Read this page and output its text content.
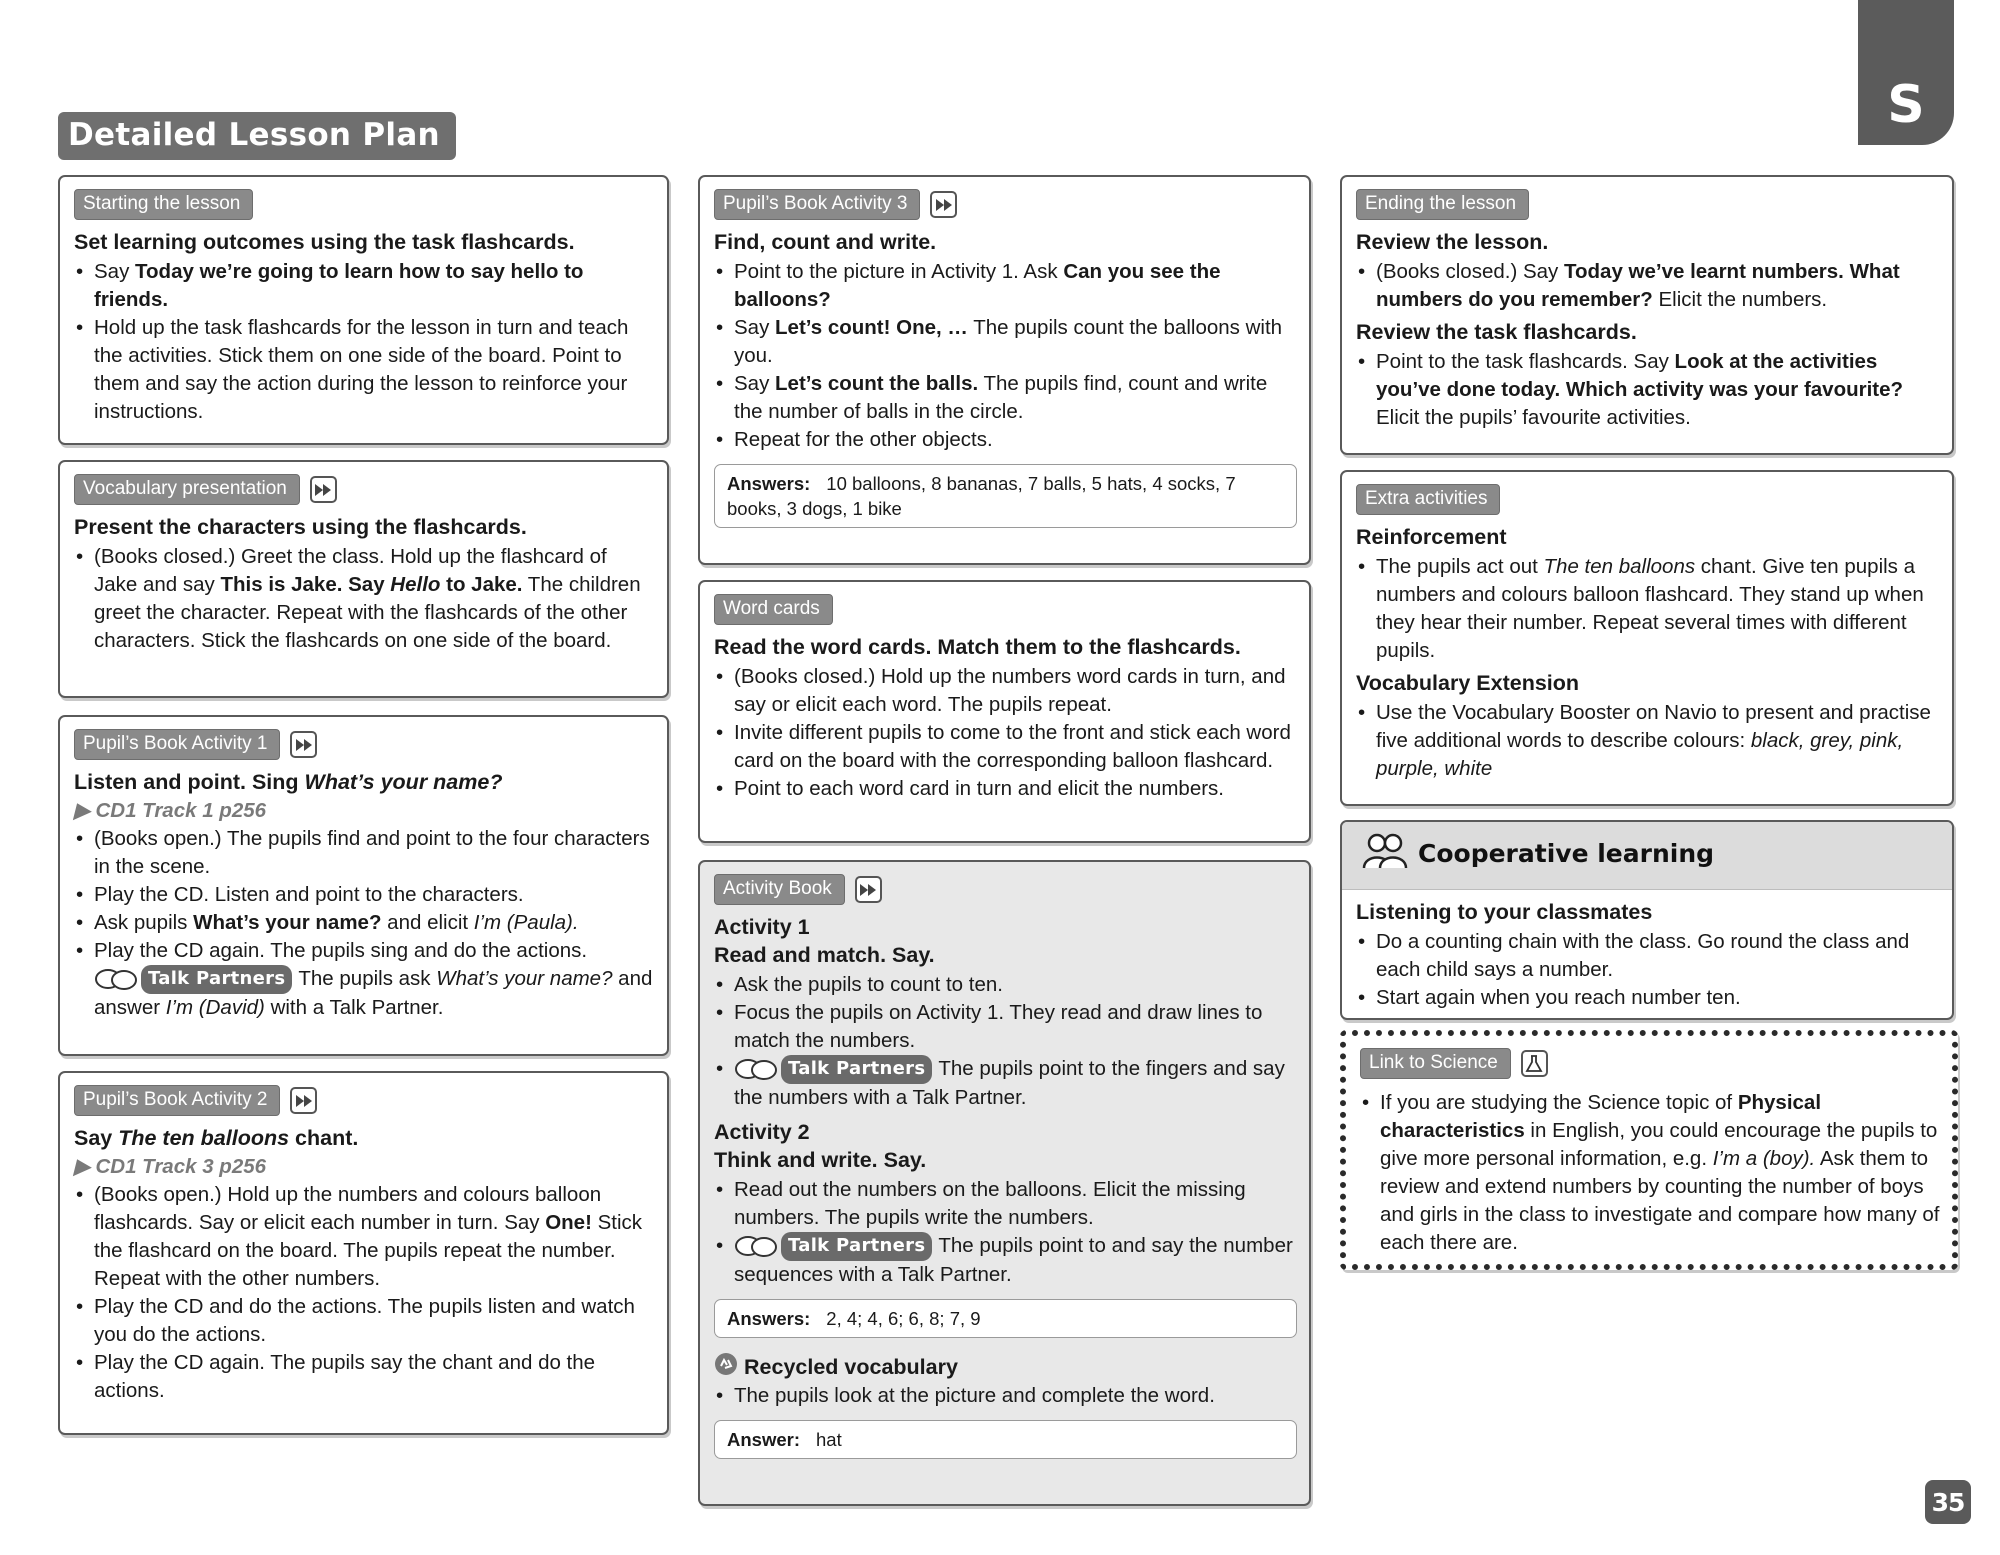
Detailed Lesson Plan	S
Starting the lesson
Set learning outcomes using the task flashcards.
• Say Today we’re going to learn how to say hello to friends.
• Hold up the task flashcards for the lesson in turn and teach the activities. Stick them on one side of the board. Point to them and say the action during the lesson to reinforce your instructions.
Vocabulary presentation
Present the characters using the flashcards.
• (Books closed.) Greet the class. Hold up the flashcard of Jake and say This is Jake. Say Hello to Jake. The children greet the character. Repeat with the flashcards of the other characters. Stick the flashcards on one side of the board.
Pupil’s Book Activity 1
Listen and point. Sing What’s your name?
▶ CD1 Track 1 p256
• (Books open.) The pupils find and point to the four characters in the scene.
• Play the CD. Listen and point to the characters.
• Ask pupils What’s your name? and elicit I’m (Paula).
• Play the CD again. The pupils sing and do the actions.
Talk Partners The pupils ask What’s your name? and answer I’m (David) with a Talk Partner.
Pupil’s Book Activity 2
Say The ten balloons chant.
▶ CD1 Track 3 p256
• (Books open.) Hold up the numbers and colours balloon flashcards. Say or elicit each number in turn. Say One! Stick the flashcard on the board. The pupils repeat the number. Repeat with the other numbers.
• Play the CD and do the actions. The pupils listen and watch you do the actions.
• Play the CD again. The pupils say the chant and do the actions.
Pupil’s Book Activity 3
Find, count and write.
• Point to the picture in Activity 1. Ask Can you see the balloons?
• Say Let’s count! One, … The pupils count the balloons with you.
• Say Let’s count the balls. The pupils find, count and write the number of balls in the circle.
• Repeat for the other objects.
Answers: 10 balloons, 8 bananas, 7 balls, 5 hats, 4 socks, 7 books, 3 dogs, 1 bike
Word cards
Read the word cards. Match them to the flashcards.
• (Books closed.) Hold up the numbers word cards in turn, and say or elicit each word. The pupils repeat.
• Invite different pupils to come to the front and stick each word card on the board with the corresponding balloon flashcard.
• Point to each word card in turn and elicit the numbers.
Activity Book
Activity 1
Read and match. Say.
• Ask the pupils to count to ten.
• Focus the pupils on Activity 1. They read and draw lines to match the numbers.
• Talk Partners The pupils point to the fingers and say the numbers with a Talk Partner.
Activity 2
Think and write. Say.
• Read out the numbers on the balloons. Elicit the missing numbers. The pupils write the numbers.
• Talk Partners The pupils point to and say the number sequences with a Talk Partner.
Answers: 2, 4; 4, 6; 6, 8; 7, 9
Recycled vocabulary
• The pupils look at the picture and complete the word.
Answer: hat
Ending the lesson
Review the lesson.
• (Books closed.) Say Today we’ve learnt numbers. What numbers do you remember? Elicit the numbers.
Review the task flashcards.
• Point to the task flashcards. Say Look at the activities you’ve done today. Which activity was your favourite? Elicit the pupils’ favourite activities.
Extra activities
Reinforcement
• The pupils act out The ten balloons chant. Give ten pupils a numbers and colours balloon flashcard. They stand up when they hear their number. Repeat several times with different pupils.
Vocabulary Extension
• Use the Vocabulary Booster on Navio to present and practise five additional words to describe colours: black, grey, pink, purple, white
Cooperative learning
Listening to your classmates
• Do a counting chain with the class. Go round the class and each child says a number.
• Start again when you reach number ten.
Link to Science
• If you are studying the Science topic of Physical characteristics in English, you could encourage the pupils to give more personal information, e.g. I’m a (boy). Ask them to review and extend numbers by counting the number of boys and girls in the class to investigate and compare how many of each there are.
35
